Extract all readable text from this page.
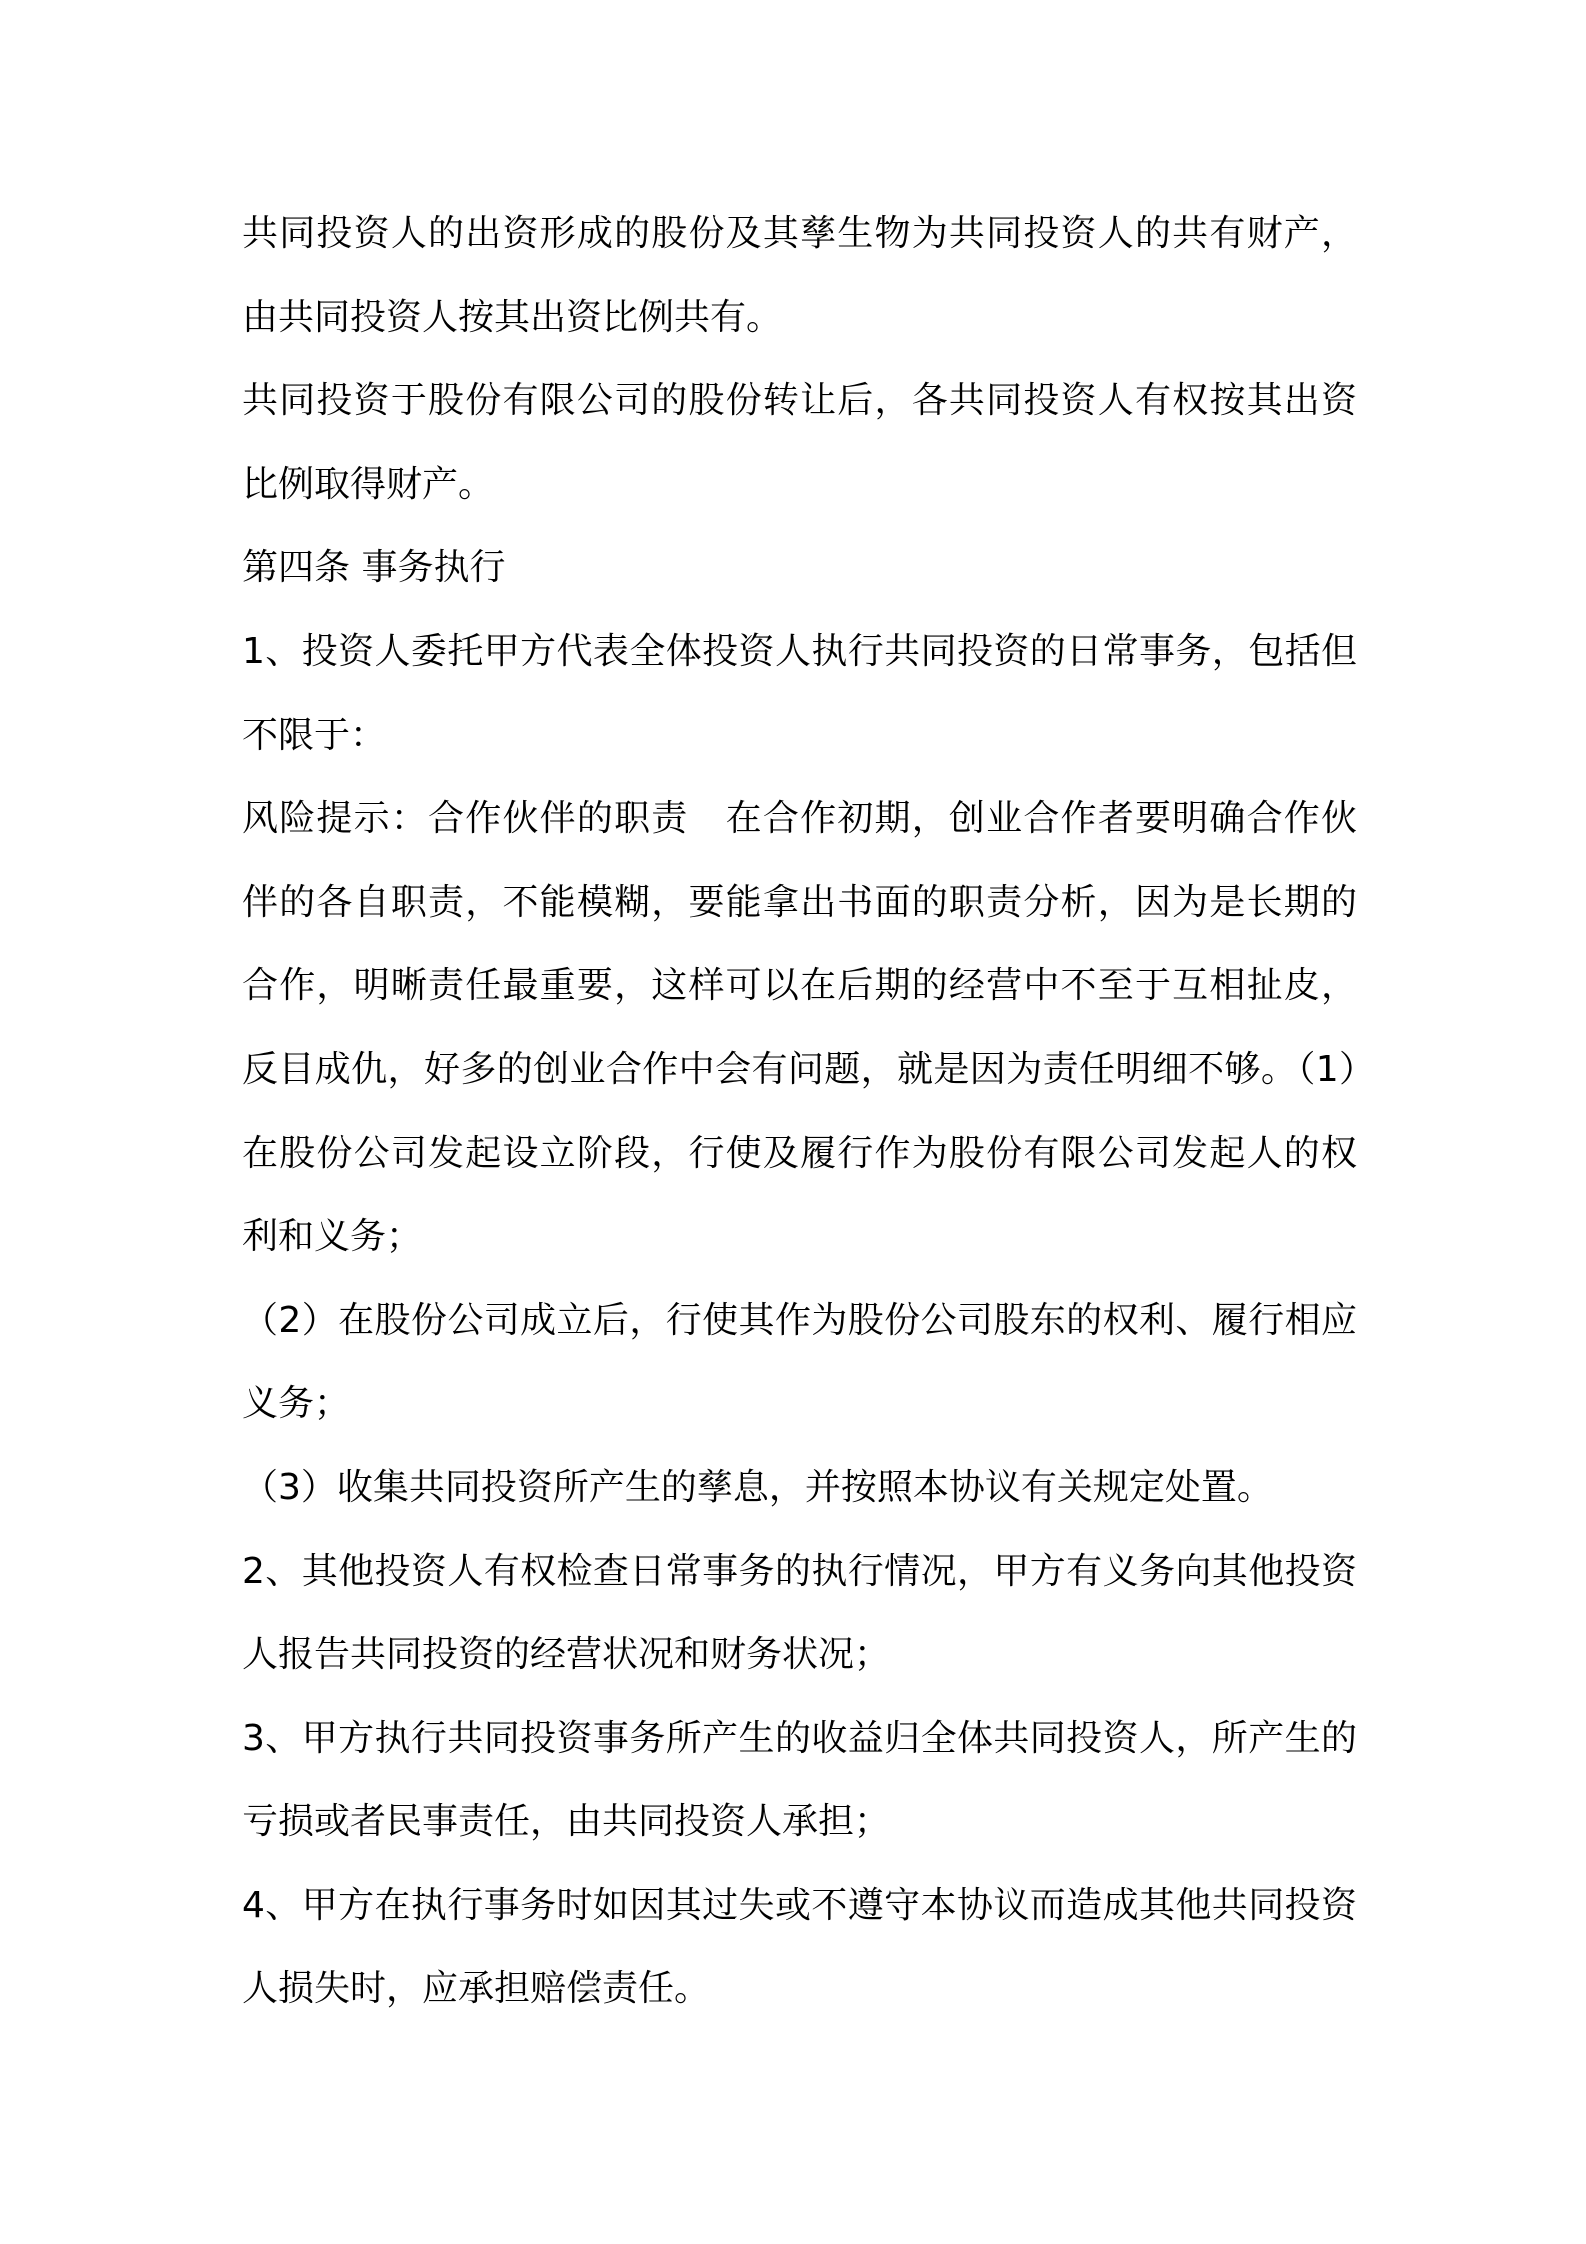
共同投资人的出资形成的股份及其孳生物为共同投资人的共有财产，由共同投资人按其出资比例共有。

共同投资于股份有限公司的股份转让后，各共同投资人有权按其出资比例取得财产。

第四条 事务执行

1、投资人委托甲方代表全体投资人执行共同投资的日常事务，包括但不限于：

风险提示：合作伙伴的职责　在合作初期，创业合作者要明确合作伙伴的各自职责，不能模糊，要能拿出书面的职责分析，因为是长期的合作，明晰责任最重要，这样可以在后期的经营中不至于互相扯皮，反目成仇，好多的创业合作中会有问题，就是因为责任明细不够。（1）在股份公司发起设立阶段，行使及履行作为股份有限公司发起人的权利和义务；

（2）在股份公司成立后，行使其作为股份公司股东的权利、履行相应义务；

（3）收集共同投资所产生的孳息，并按照本协议有关规定处置。

2、其他投资人有权检查日常事务的执行情况，甲方有义务向其他投资人报告共同投资的经营状况和财务状况；

3、甲方执行共同投资事务所产生的收益归全体共同投资人，所产生的亏损或者民事责任，由共同投资人承担；

4、甲方在执行事务时如因其过失或不遵守本协议而造成其他共同投资人损失时，应承担赔偿责任。
